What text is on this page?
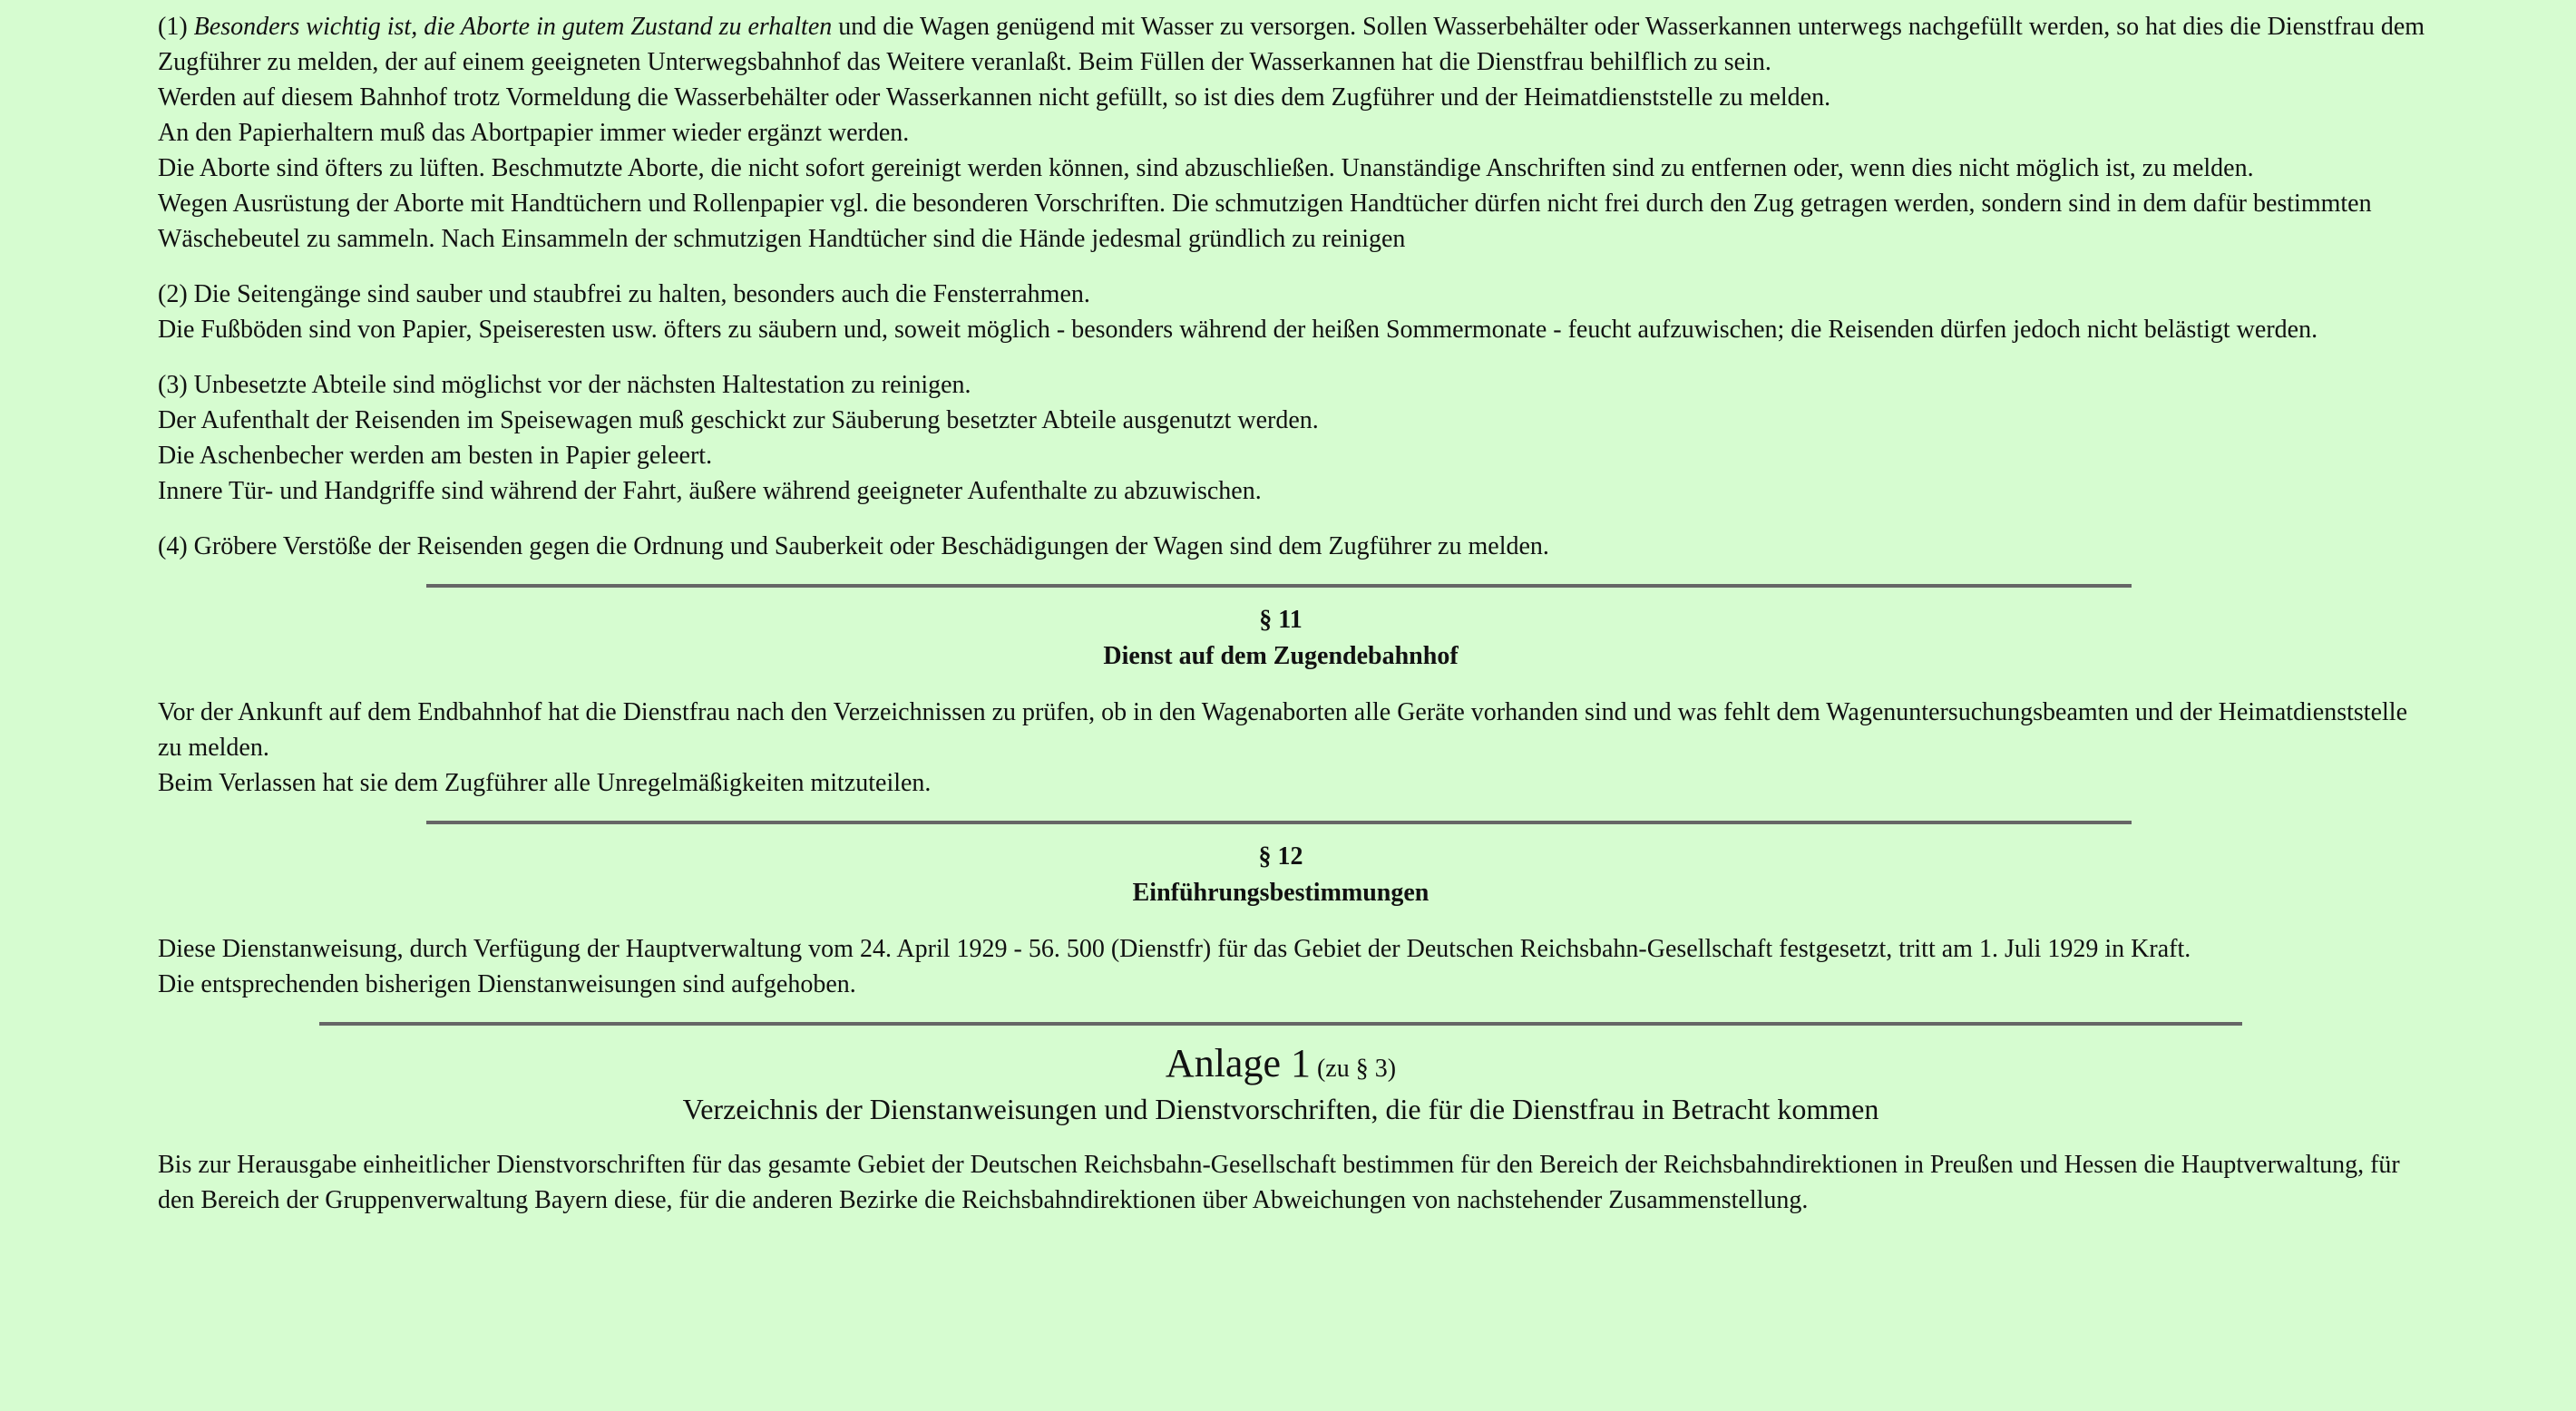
(1) Besonders wichtig ist, die Aborte in gutem Zustand zu erhalten und die Wagen genügend mit Wasser zu versorgen. Sollen Wasserbehälter oder Wasserkannen unterwegs nachgefüllt werden, so hat dies die Dienstfrau dem Zugführer zu melden, der auf einem geeigneten Unterwegsbahnhof das Weitere veranlaßt. Beim Füllen der Wasserkannen hat die Dienstfrau behilflich zu sein.
Werden auf diesem Bahnhof trotz Vormeldung die Wasserbehälter oder Wasserkannen nicht gefüllt, so ist dies dem Zugführer und der Heimatdienststelle zu melden.
An den Papierhaltern muß das Abortpapier immer wieder ergänzt werden.
Die Aborte sind öfters zu lüften. Beschmutzte Aborte, die nicht sofort gereinigt werden können, sind abzuschließen. Unanständige Anschriften sind zu entfernen oder, wenn dies nicht möglich ist, zu melden.
Wegen Ausrüstung der Aborte mit Handtüchern und Rollenpapier vgl. die besonderen Vorschriften. Die schmutzigen Handtücher dürfen nicht frei durch den Zug getragen werden, sondern sind in dem dafür bestimmten Wäschebeutel zu sammeln. Nach Einsammeln der schmutzigen Handtücher sind die Hände jedesmal gründlich zu reinigen

(2) Die Seitengänge sind sauber und staubfrei zu halten, besonders auch die Fensterrahmen.
Die Fußböden sind von Papier, Speiseresten usw. öfters zu säubern und, soweit möglich - besonders während der heißen Sommermonate - feucht aufzuwischen; die Reisenden dürfen jedoch nicht belästigt werden.

(3) Unbesetzte Abteile sind möglichst vor der nächsten Haltestation zu reinigen.
Der Aufenthalt der Reisenden im Speisewagen muß geschickt zur Säuberung besetzter Abteile ausgenutzt werden.
Die Aschenbecher werden am besten in Papier geleert.
Innere Tür- und Handgriffe sind während der Fahrt, äußere während geeigneter Aufenthalte zu abzuwischen.

(4) Gröbere Verstöße der Reisenden gegen die Ordnung und Sauberkeit oder Beschädigungen der Wagen sind dem Zugführer zu melden.

§ 11
Dienst auf dem Zugendebahnhof

Vor der Ankunft auf dem Endbahnhof hat die Dienstfrau nach den Verzeichnissen zu prüfen, ob in den Wagenaborten alle Geräte vorhanden sind und was fehlt dem Wagenuntersuchungsbeamten und der Heimatdienststelle zu melden.
Beim Verlassen hat sie dem Zugführer alle Unregelmäßigkeiten mitzuteilen.

§ 12
Einführungsbestimmungen

Diese Dienstanweisung, durch Verfügung der Hauptverwaltung vom 24. April 1929 - 56. 500 (Dienstfr) für das Gebiet der Deutschen Reichsbahn-Gesellschaft festgesetzt, tritt am 1. Juli 1929 in Kraft.
Die entsprechenden bisherigen Dienstanweisungen sind aufgehoben.

Anlage 1 (zu § 3)
Verzeichnis der Dienstanweisungen und Dienstvorschriften, die für die Dienstfrau in Betracht kommen

Bis zur Herausgabe einheitlicher Dienstvorschriften für das gesamte Gebiet der Deutschen Reichsbahn-Gesellschaft bestimmen für den Bereich der Reichsbahndirektionen in Preußen und Hessen die Hauptverwaltung, für den Bereich der Gruppenverwaltung Bayern diese, für die anderen Bezirke die Reichsbahndirektionen über Abweichungen von nachstehender Zusammenstellung.
